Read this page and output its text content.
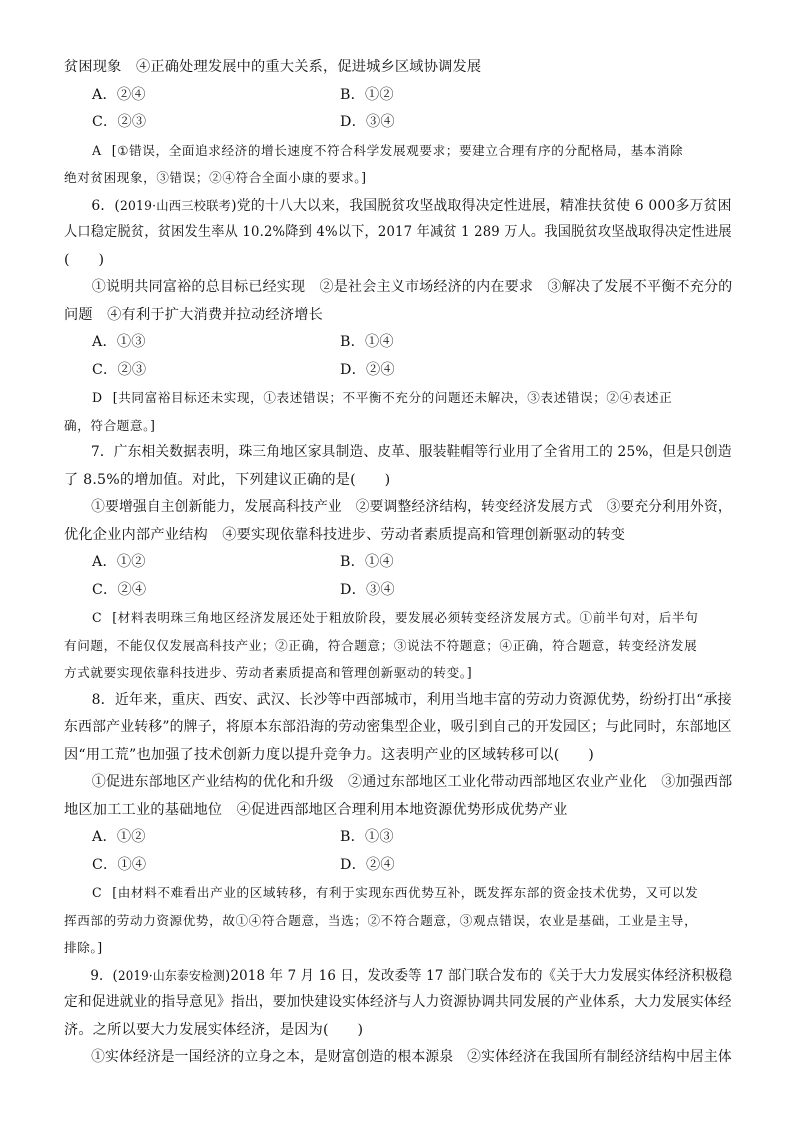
贫困现象　④正确处理发展中的重大关系，促进城乡区域协调发展
A．②④	B．①②
C．②③	D．③④
A [①错误，全面追求经济的增长速度不符合科学发展观要求；要建立合理有序的分配格局，基本消除
绝对贫困现象，③错误；②④符合全面小康的要求。]
6．(2019·山西三校联考)党的十八大以来，我国脱贫攻坚战取得决定性进展，精准扶贫使 6 000多万贫困
人口稳定脱贫，贫困发生率从 10.2%降到 4%以下，2017 年减贫 1 289 万人。我国脱贫攻坚战取得决定性进展
(　　)
①说明共同富裕的总目标已经实现　②是社会主义市场经济的内在要求　③解决了发展不平衡不充分的
问题　④有利于扩大消费并拉动经济增长
A．①③	B．①④
C．②③	D．②④
D [共同富裕目标还未实现，①表述错误；不平衡不充分的问题还未解决，③表述错误；②④表述正
确，符合题意。]
7．广东相关数据表明，珠三角地区家具制造、皮革、服装鞋帽等行业用了全省用工的 25%，但是只创造
了 8.5%的增加值。对此，下列建议正确的是(　　)
①要增强自主创新能力，发展高科技产业　②要调整经济结构，转变经济发展方式　③要充分利用外资，
优化企业内部产业结构　④要实现依靠科技进步、劳动者素质提高和管理创新驱动的转变
A．①②	B．①④
C．②④	D．③④
C [材料表明珠三角地区经济发展还处于粗放阶段，要发展必须转变经济发展方式。①前半句对，后半句
有问题，不能仅仅发展高科技产业；②正确，符合题意；③说法不符题意；④正确，符合题意，转变经济发展
方式就要实现依靠科技进步、劳动者素质提高和管理创新驱动的转变。]
8．近年来，重庆、西安、武汉、长沙等中西部城市，利用当地丰富的劳动力资源优势，纷纷打出“承接
东西部产业转移”的牌子，将原本东部沿海的劳动密集型企业，吸引到自己的开发园区；与此同时，东部地区
因“用工荒”也加强了技术创新力度以提升竞争力。这表明产业的区域转移可以(　　)
①促进东部地区产业结构的优化和升级　②通过东部地区工业化带动西部地区农业产业化　③加强西部
地区加工工业的基础地位　④促进西部地区合理利用本地资源优势形成优势产业
A．①②	B．①③
C．①④	D．②④
C [由材料不难看出产业的区域转移，有利于实现东西优势互补，既发挥东部的资金技术优势，又可以发
挥西部的劳动力资源优势，故①④符合题意，当选；②不符合题意，③观点错误，农业是基础，工业是主导，
排除。]
9．(2019·山东泰安检测)2018 年 7 月 16 日，发改委等 17 部门联合发布的《关于大力发展实体经济积极稳
定和促进就业的指导意见》指出，要加快建设实体经济与人力资源协调共同发展的产业体系，大力发展实体经
济。之所以要大力发展实体经济，是因为(　　)
①实体经济是一国经济的立身之本，是财富创造的根本源泉　②实体经济在我国所有制经济结构中居主体
